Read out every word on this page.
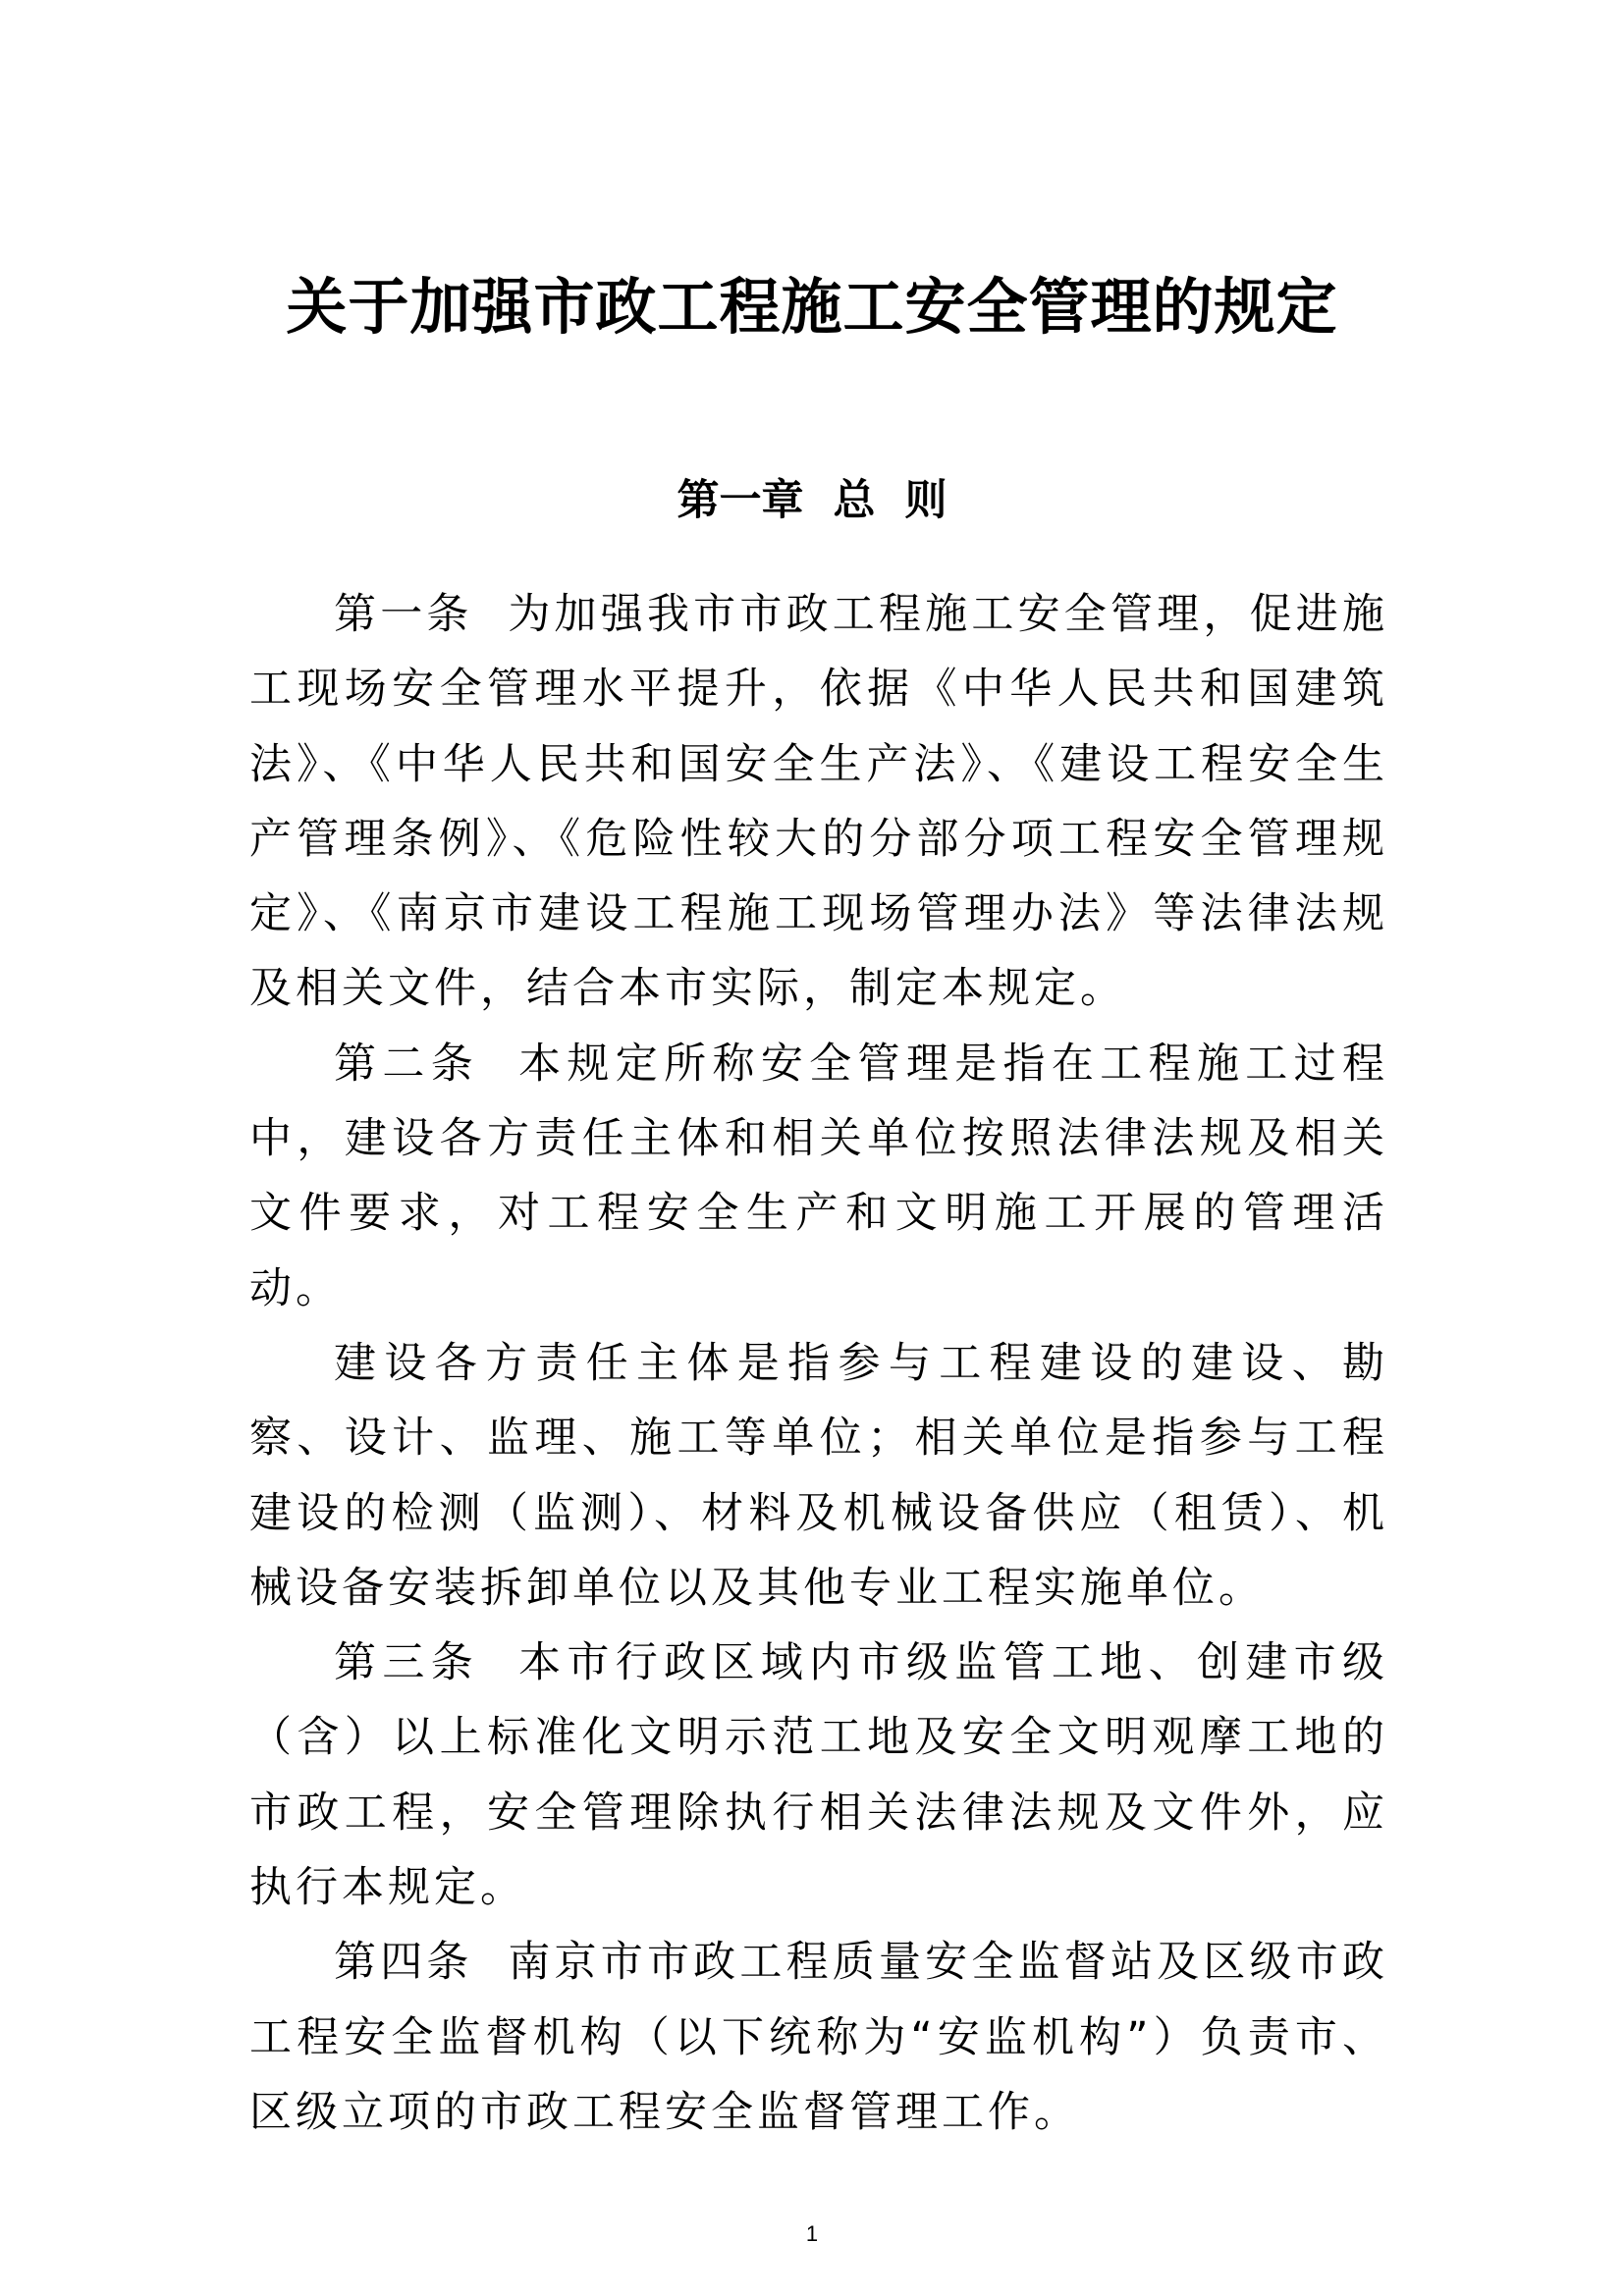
关于加强市政工程施工安全管理的规定
第一章  总  则

第一条  为加强我市市政工程施工安全管理，促进施工现场安全管理水平提升，依据《中华人民共和国建筑法》、《中华人民共和国安全生产法》、《建设工程安全生产管理条例》、《危险性较大的分部分项工程安全管理规定》、《南京市建设工程施工现场管理办法》等法律法规及相关文件，结合本市实际，制定本规定。

第二条  本规定所称安全管理是指在工程施工过程中，建设各方责任主体和相关单位按照法律法规及相关文件要求，对工程安全生产和文明施工开展的管理活动。

建设各方责任主体是指参与工程建设的建设、勘察、设计、监理、施工等单位；相关单位是指参与工程建设的检测（监测）、材料及机械设备供应（租赁）、机械设备安装拆卸单位以及其他专业工程实施单位。

第三条  本市行政区域内市级监管工地、创建市级（含）以上标准化文明示范工地及安全文明观摩工地的市政工程，安全管理除执行相关法律法规及文件外，应执行本规定。

第四条  南京市市政工程质量安全监督站及区级市政工程安全监督机构（以下统称为“安监机构”）负责市、区级立项的市政工程安全监督管理工作。

1
